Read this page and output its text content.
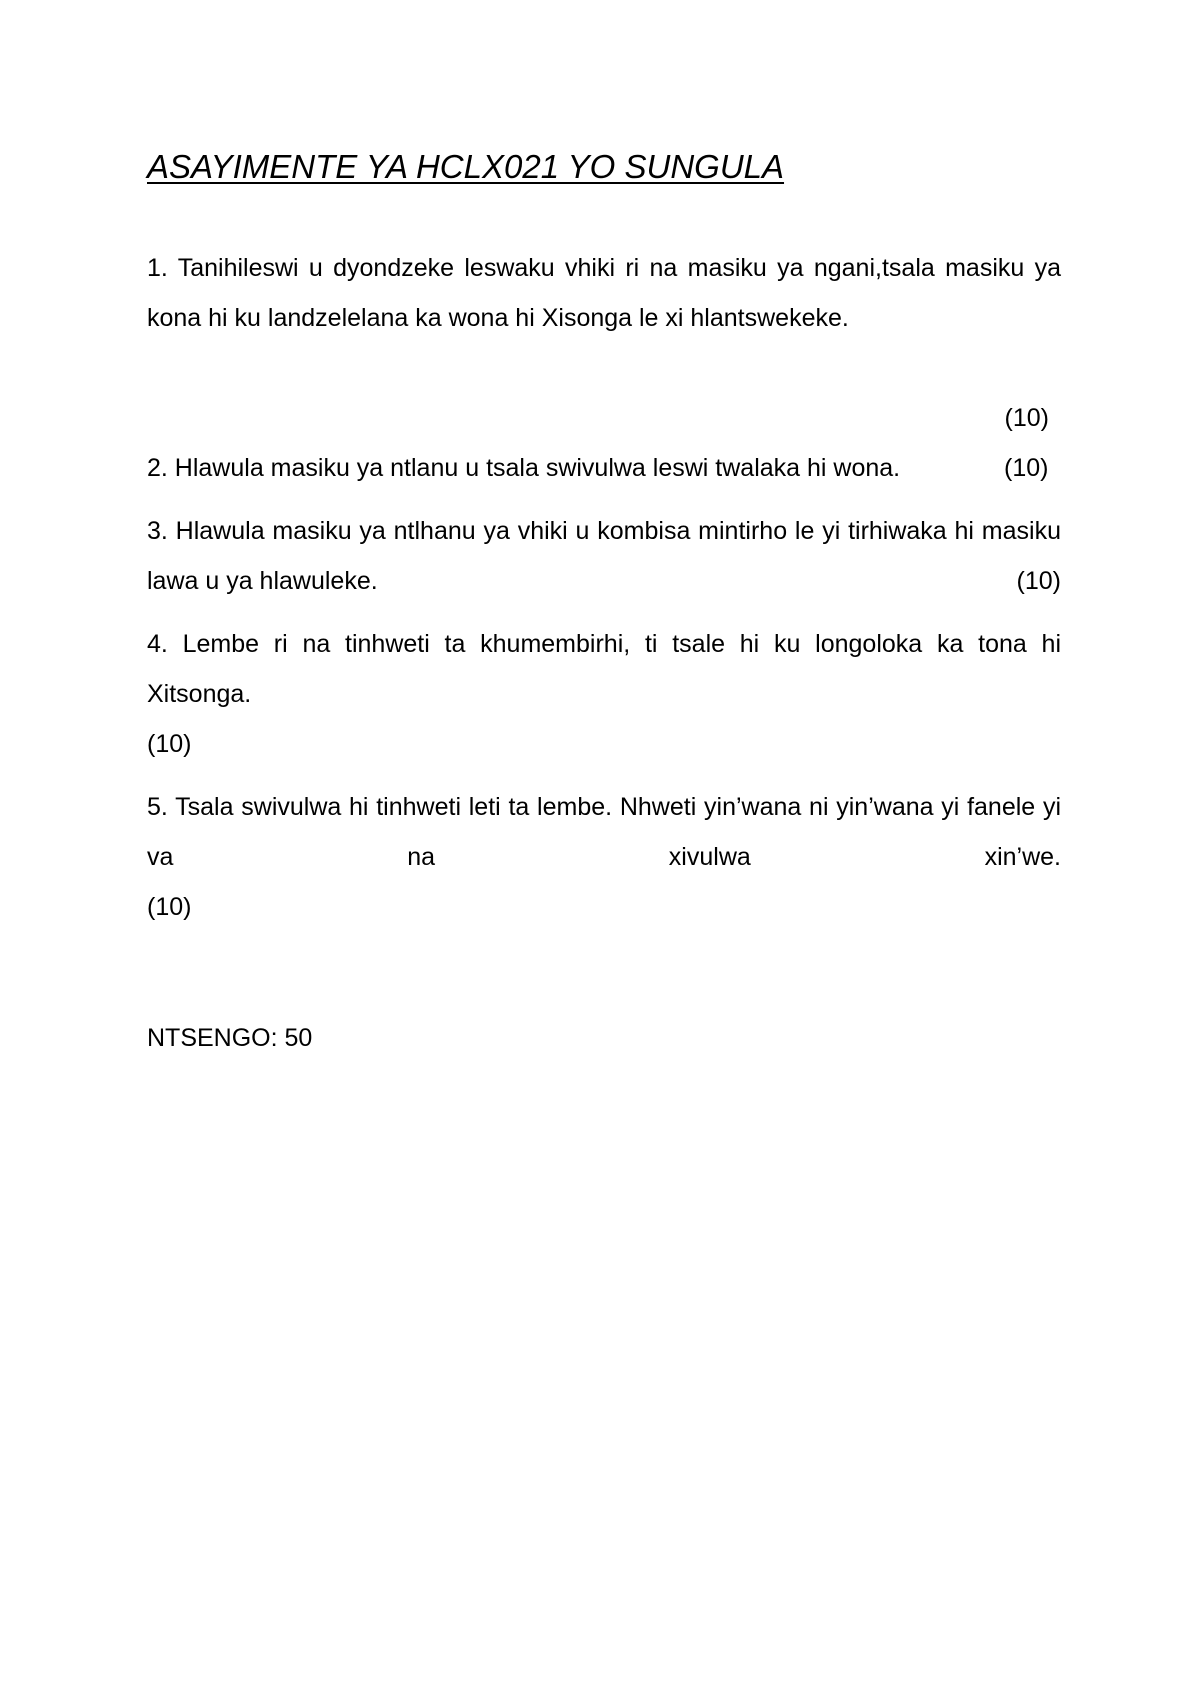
ASAYIMENTE YA HCLX021 YO SUNGULA

1. Tanihileswi u dyondzeke leswaku vhiki ri na masiku ya ngani,tsala masiku ya kona hi ku landzelelana ka wona hi Xisonga le xi hlantswekeke.

(10)

2. Hlawula masiku ya ntlanu u tsala swivulwa leswi twalaka hi wona.	(10)

3. Hlawula masiku ya ntlhanu ya vhiki u kombisa mintirho le yi tirhiwaka hi masiku lawa u ya hlawuleke.	(10)

4. Lembe ri na tinhweti ta khumembirhi, ti tsale hi ku longoloka ka tona hi Xitsonga.

(10)

5. Tsala swivulwa hi tinhweti leti ta lembe. Nhweti yin’wana ni yin’wana yi fanele yi va na xivulwa xin’we.

(10)
NTSENGO: 50
